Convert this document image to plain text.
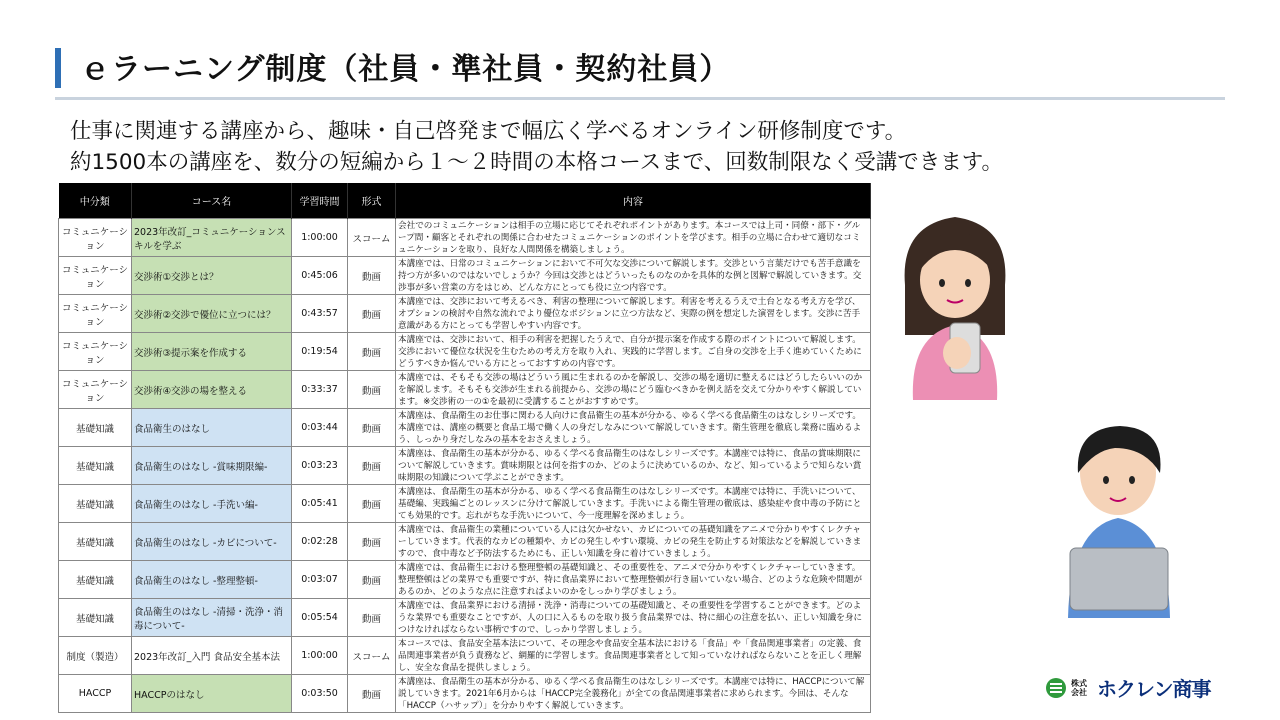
ｅラーニング制度（社員・準社員・契約社員）
仕事に関連する講座から、趣味・自己啓発まで幅広く学べるオンライン研修制度です。
約1500本の講座を、数分の短編から１～２時間の本格コースまで、回数制限なく受講できます。
中分類	コース名	学習時間	形式	内容
コミュニケーション	2023年改訂_コミュニケーションスキルを学ぶ	1:00:00	スコーム	会社でのコミュニケーションは相手の立場に応じてそれぞれポイントがあります。本コースでは上司・同僚・部下・グループ間・顧客とそれぞれの関係に合わせたコミュニケーションのポイントを学びます。相手の立場に合わせて適切なコミュニケーションを取り、良好な人間関係を構築しましょう。

コミュニケーション	交渉術①交渉とは？	0:45:06	動画	本講座では、日常のコミュニケーションにおいて不可欠な交渉について解説します。交渉という言葉だけでも苦手意識を持つ方が多いのではないでしょうか？今回は交渉とはどういったものなのかを具体的な例と図解で解説していきます。交渉事が多い営業の方をはじめ、どんな方にとっても役に立つ内容です。

コミュニケーション	交渉術②交渉で優位に立つには？	0:43:57	動画	本講座では、交渉において考えるべき、利害の整理について解説します。利害を考えるうえで土台となる考え方を学び、オプションの検討や自然な流れでより優位なポジションに立つ方法など、実際の例を想定した演習をします。交渉に苦手意識がある方にとっても学習しやすい内容です。

コミュニケーション	交渉術③提示案を作成する	0:19:54	動画	本講座では、交渉において、相手の利害を把握したうえで、自分が提示案を作成する際のポイントについて解説します。交渉において優位な状況を生むための考え方を取り入れ、実践的に学習します。ご自身の交渉を上手く進めていくためにどうすべきか悩んでいる方にとっておすすめの内容です。

コミュニケーション	交渉術④交渉の場を整える	0:33:37	動画	本講座では、そもそも交渉の場はどういう風に生まれるのかを解説し、交渉の場を適切に整えるにはどうしたらいいのかを解説します。そもそも交渉が生まれる前提から、交渉の場にどう臨むべきかを例え話を交えて分かりやすく解説しています。※交渉術の一の①を最初に受講することがおすすめです。

基礎知識	食品衛生のはなし	0:03:44	動画	本講座は、食品衛生のお仕事に関わる人向けに食品衛生の基本が分かる、ゆるく学べる食品衛生のはなしシリーズです。本講座では、講座の概要と食品工場で働く人の身だしなみについて解説していきます。衛生管理を徹底し業務に臨めるよう、しっかり身だしなみの基本をおさえましょう。

基礎知識	食品衛生のはなし -賞味期限編-	0:03:23	動画	本講座は、食品衛生の基本が分かる、ゆるく学べる食品衛生のはなしシリーズです。本講座では特に、食品の賞味期限について解説していきます。賞味期限とは何を指すのか、どのように決めているのか、など、知っているようで知らない賞味期限の知識について学ぶことができます。

基礎知識	食品衛生のはなし -手洗い編-	0:05:41	動画	本講座は、食品衛生の基本が分かる、ゆるく学べる食品衛生のはなしシリーズです。本講座では特に、手洗いについて、基礎編、実践編ごとのレッスンに分けて解説していきます。手洗いによる衛生管理の徹底は、感染症や食中毒の予防にとても効果的です。忘れがちな手洗いについて、今一度理解を深めましょう。

基礎知識	食品衛生のはなし -カビについて-	0:02:28	動画	本講座では、食品衛生の業種についている人には欠かせない、カビについての基礎知識をアニメで分かりやすくレクチャーしていきます。代表的なカビの種類や、カビの発生しやすい環境、カビの発生を防止する対策法などを解説していきますので、食中毒など予防法するためにも、正しい知識を身に着けていきましょう。

基礎知識	食品衛生のはなし -整理整頓-	0:03:07	動画	本講座では、食品衛生における整理整頓の基礎知識と、その重要性を、アニメで分かりやすくレクチャーしていきます。整理整頓はどの業界でも重要ですが、特に食品業界において整理整頓が行き届いていない場合、どのような危険や問題があるのか、どのような点に注意すればよいのかをしっかり学びましょう。

基礎知識	食品衛生のはなし -清掃・洗浄・消毒について-	0:05:54	動画	本講座では、食品業界における清掃・洗浄・消毒についての基礎知識と、その重要性を学習することができます。どのような業界でも重要なことですが、人の口に入るものを取り扱う食品業界では、特に細心の注意を払い、正しい知識を身につけなければならない事柄ですので、しっかり学習しましょう。

制度（製造）	2023年改訂_入門 食品安全基本法	1:00:00	スコーム	本コースでは、食品安全基本法について、その理念や食品安全基本法における「食品」や「食品関連事業者」の定義、食品関連事業者が負う責務など、網羅的に学習します。食品関連事業者として知っていなければならないことを正しく理解し、安全な食品を提供しましょう。

HACCP	HACCPのはなし	0:03:50	動画	本講座は、食品衛生の基本が分かる、ゆるく学べる食品衛生のはなしシリーズです。本講座では特に、HACCPについて解説していきます。2021年6月からは「HACCP完全義務化」が全ての食品関連事業者に求められます。今回は、そんな「HACCP（ハサップ）」を分かりやすく解説していきます。
株式会社 ホクレン商事
